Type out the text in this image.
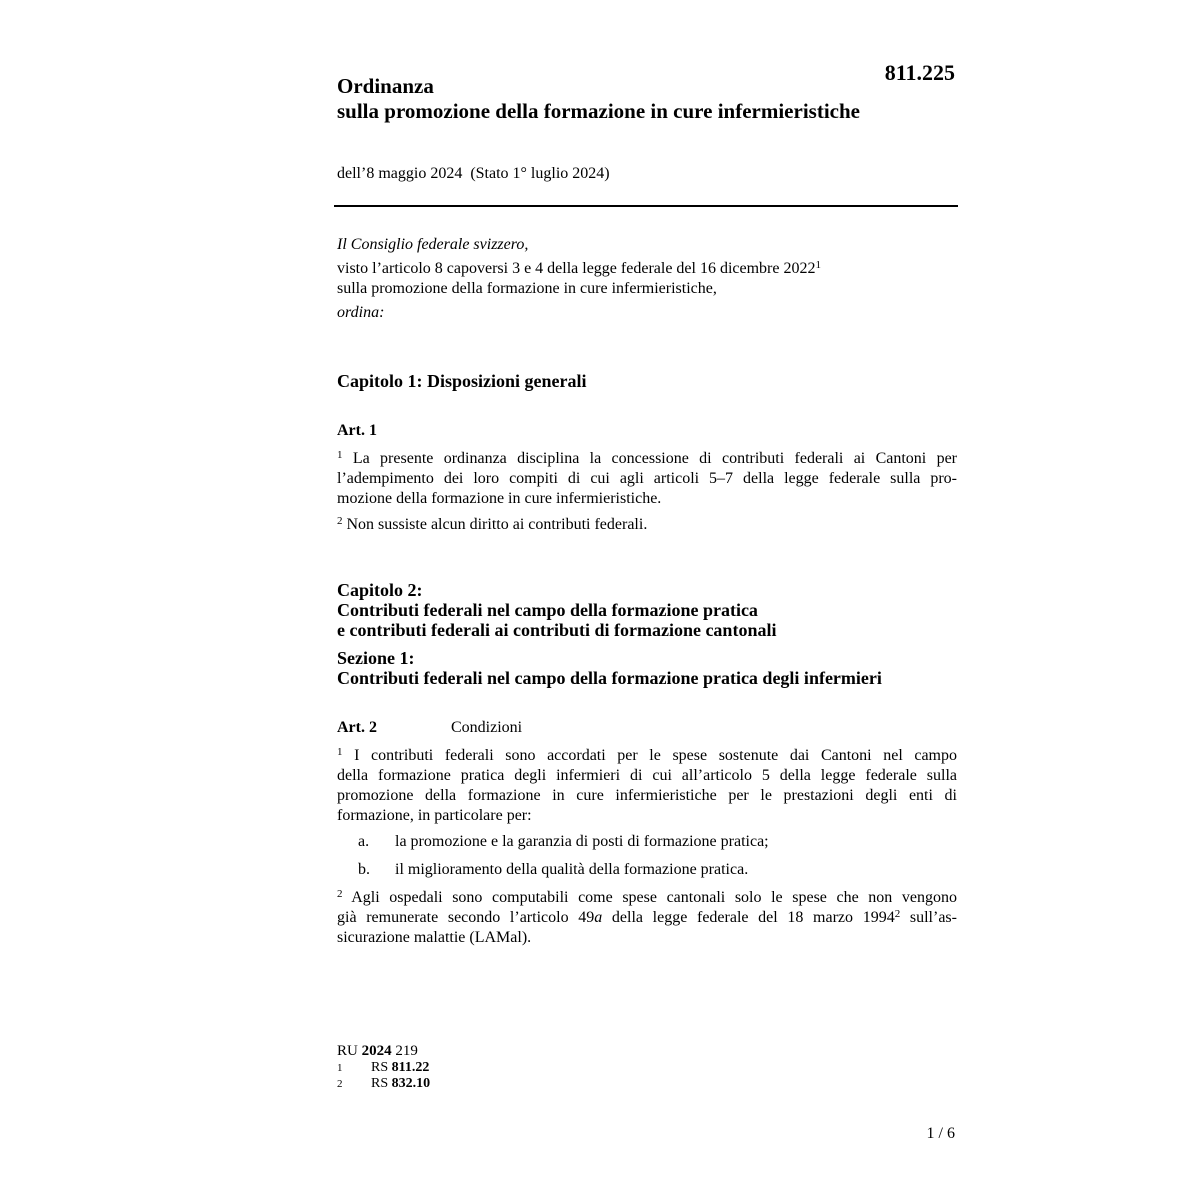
811.225
Ordinanza
sulla promozione della formazione in cure infermieristiche
dell’8 maggio 2024  (Stato 1° luglio 2024)

Il Consiglio federale svizzero,

visto l’articolo 8 capoversi 3 e 4 della legge federale del 16 dicembre 2022$^1$
sulla promozione della formazione in cure infermieristiche,

ordina:

Capitolo 1: Disposizioni generali
Art. 1
$^1$ La presente ordinanza disciplina la concessione di contributi federali ai Cantoni per
l’adempimento dei loro compiti di cui agli articoli 5–7 della legge federale sulla pro-
mozione della formazione in cure infermieristiche.
$^2$ Non sussiste alcun diritto ai contributi federali.
Capitolo 2:
Contributi federali nel campo della formazione pratica
e contributi federali ai contributi di formazione cantonali
Sezione 1:
Contributi federali nel campo della formazione pratica degli infermieri
Art. 2	Condizioni
$^1$ I contributi federali sono accordati per le spese sostenute dai Cantoni nel campo
della formazione pratica degli infermieri di cui all’articolo 5 della legge federale sulla
promozione della formazione in cure infermieristiche per le prestazioni degli enti di
formazione, in particolare per:
a.	la promozione e la garanzia di posti di formazione pratica;
b.	il miglioramento della qualità della formazione pratica.
$^2$ Agli ospedali sono computabili come spese cantonali solo le spese che non vengono
già remunerate secondo l’articolo 49a della legge federale del 18 marzo 1994$^2$ sull’as-
sicurazione malattie (LAMal).
RU 2024 219
1	RS 811.22
2	RS 832.10
1 / 6
